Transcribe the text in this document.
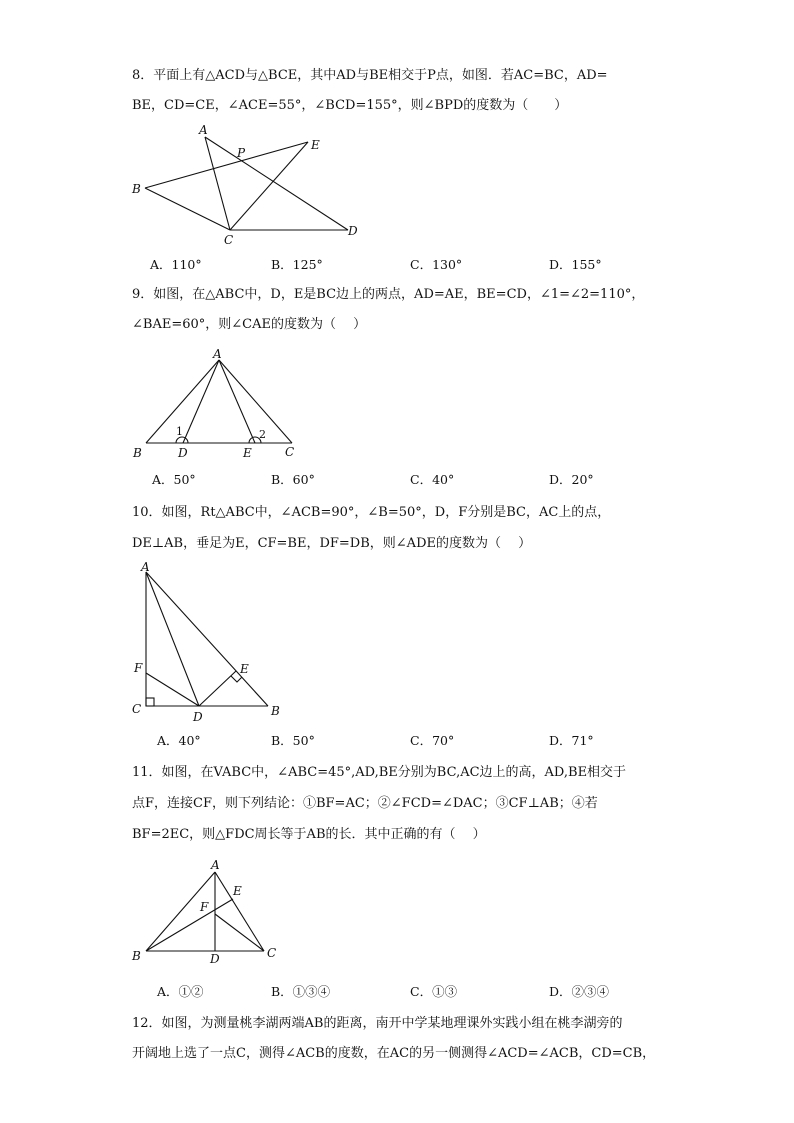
8．平面上有△ACD与△BCE，其中AD与BE相交于P点，如图．若AC=BC，AD=
BE，CD=CE，∠ACE=55°，∠BCD=155°，则∠BPD的度数为（　　）
A
B
C
D
E
P
A．110°	B．125°	C．130°	D．155°
9．如图，在△ABC中，D，E是BC边上的两点，AD=AE，BE=CD，∠1=∠2=110°，
∠BAE=60°，则∠CAE的度数为（　 ）
A
B	C
D	E
1	2
A．50°	B．60°	C．40°	D．20°
10．如图，Rt△ABC中，∠ACB=90°，∠B=50°，D，F分别是BC，AC上的点，
DE⊥AB，垂足为E，CF=BE，DF=DB，则∠ADE的度数为（　 ）
A
B
C
D
E
F
A．40°	B．50°	C．70°	D．71°
11．如图，在VABC中，∠ABC=45°,AD,BE分别为BC,AC边上的高，AD,BE相交于
点F，连接CF，则下列结论：①BF=AC；②∠FCD=∠DAC；③CF⊥AB；④若
BF=2EC，则△FDC周长等于AB的长．其中正确的有（　 ）
A
B	C
D
E
F
A．①②	B．①③④	C．①③	D．②③④
12．如图，为测量桃李湖两端AB的距离，南开中学某地理课外实践小组在桃李湖旁的
开阔地上选了一点C，测得∠ACB的度数，在AC的另一侧测得∠ACD=∠ACB，CD=CB，
